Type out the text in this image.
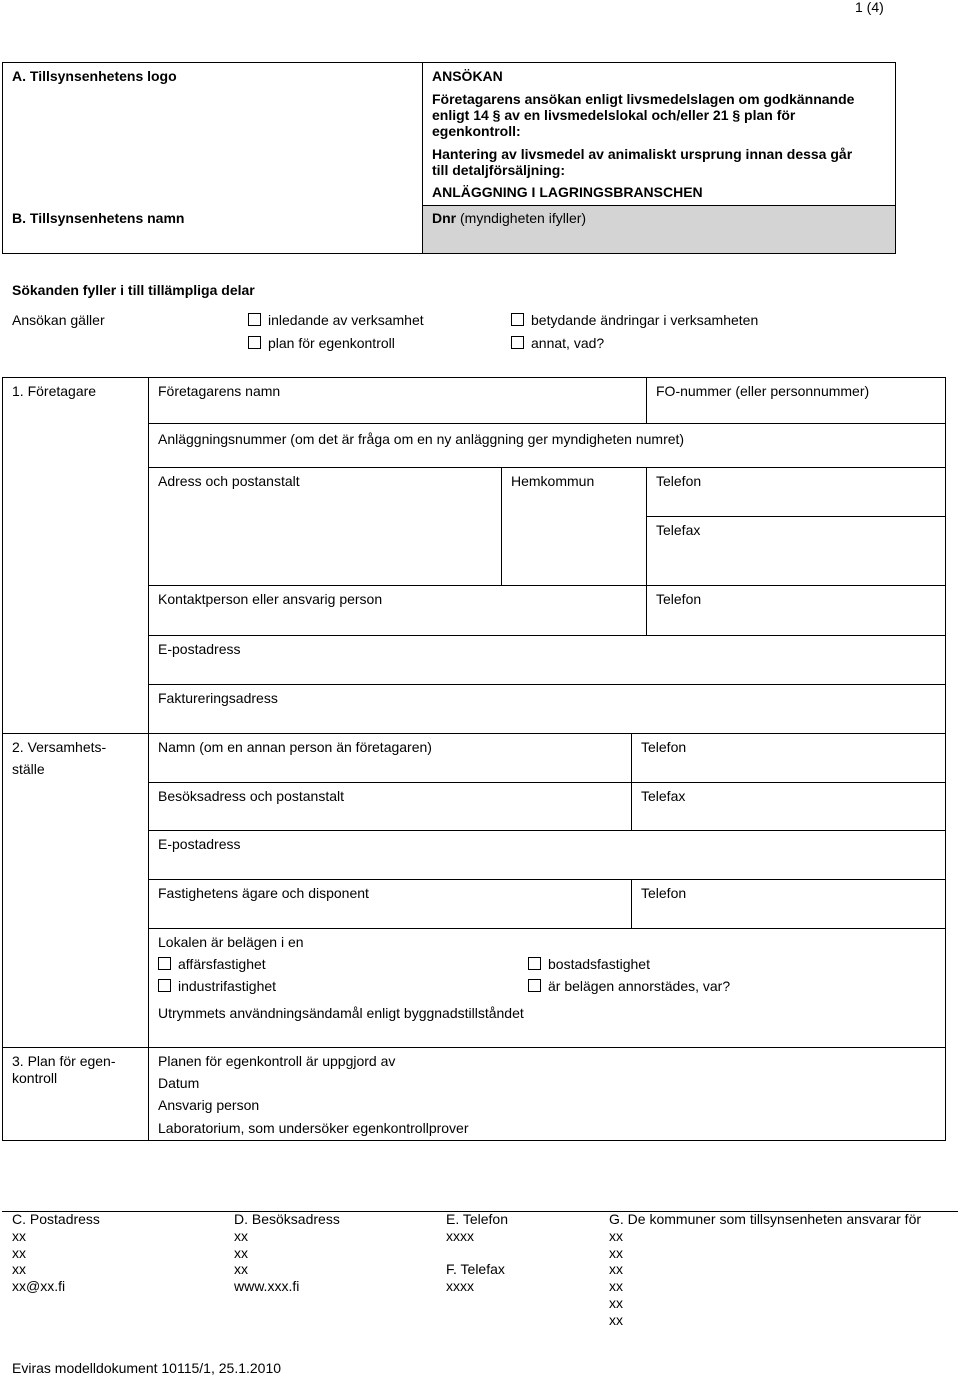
1 (4)
A. Tillsynsenhetens logo
B. Tillsynsenhetens namn
ANSÖKAN
Företagarens ansökan enligt livsmedelslagen om godkännande
enligt 14 § av en livsmedelslokal och/eller 21 § plan för
egenkontroll:
Hantering av livsmedel av animaliskt ursprung innan dessa går
till detaljförsäljning:
ANLÄGGNING I LAGRINGSBRANSCHEN
Dnr (myndigheten ifyller)
Sökanden fyller i till tillämpliga delar
Ansökan gäller	inledande av verksamhet	betydande ändringar i verksamheten
plan för egenkontroll	annat, vad?
1. Företagare	Företagarens namn	FO-nummer (eller personnummer)
Anläggningsnummer (om det är fråga om en ny anläggning ger myndigheten numret)
Adress och postanstalt	Hemkommun	Telefon
Telefax
Kontaktperson eller ansvarig person	Telefon
E-postadress
Faktureringsadress
2. Versamhets-
ställe
Namn (om en annan person än företagaren)	Telefon
Besöksadress och postanstalt	Telefax
E-postadress
Fastighetens ägare och disponent	Telefon
Lokalen är belägen i en
affärsfastighet	bostadsfastighet
industrifastighet	är belägen annorstädes, var?
Utrymmets användningsändamål enligt byggnadstillståndet
3. Plan för egen-
kontroll
Planen för egenkontroll är uppgjord av
Datum
Ansvarig person
Laboratorium, som undersöker egenkontrollprover
C. Postadress
xx
xx
xx
xx@xx.fi
D. Besöksadress
xx
xx
xx
www.xxx.fi
E. Telefon
xxxx
F. Telefax
xxxx
G. De kommuner som tillsynsenheten ansvarar för
xx
xx
xx
xx
xx
xx
Eviras modelldokument 10115/1, 25.1.2010
